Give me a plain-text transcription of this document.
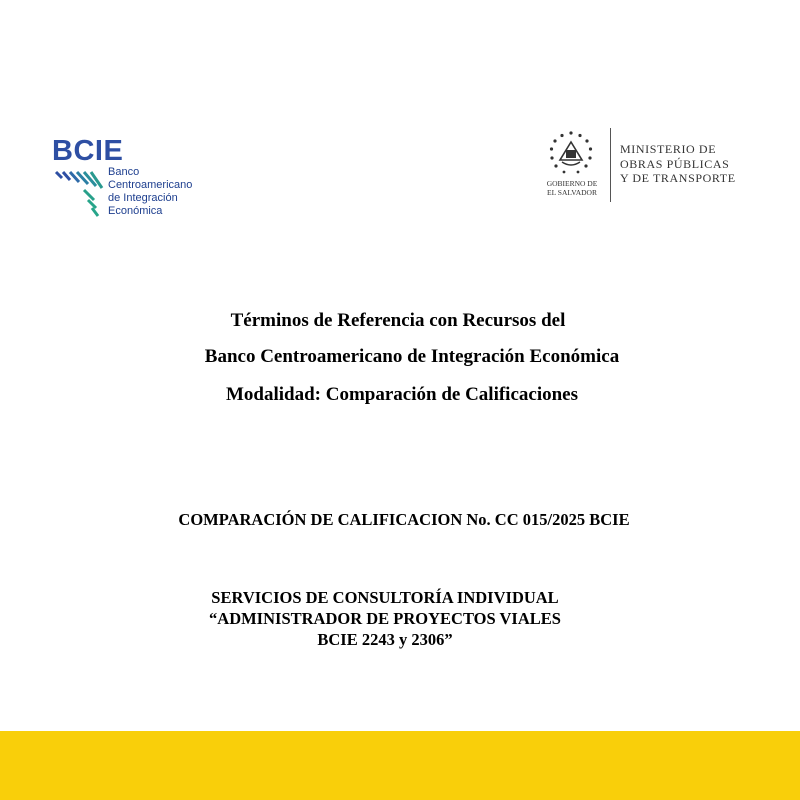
BCIE
Banco
Centroamericano
de Integración
Económica
GOBIERNO DE
EL SALVADOR
MINISTERIO DE
OBRAS PÚBLICAS
Y DE TRANSPORTE
Términos de Referencia con Recursos del
Banco Centroamericano de Integración Económica
Modalidad: Comparación de Calificaciones
COMPARACIÓN DE CALIFICACION No. CC 015/2025 BCIE
SERVICIOS DE CONSULTORÍA INDIVIDUAL
“ADMINISTRADOR DE PROYECTOS VIALES
BCIE 2243 y 2306”
